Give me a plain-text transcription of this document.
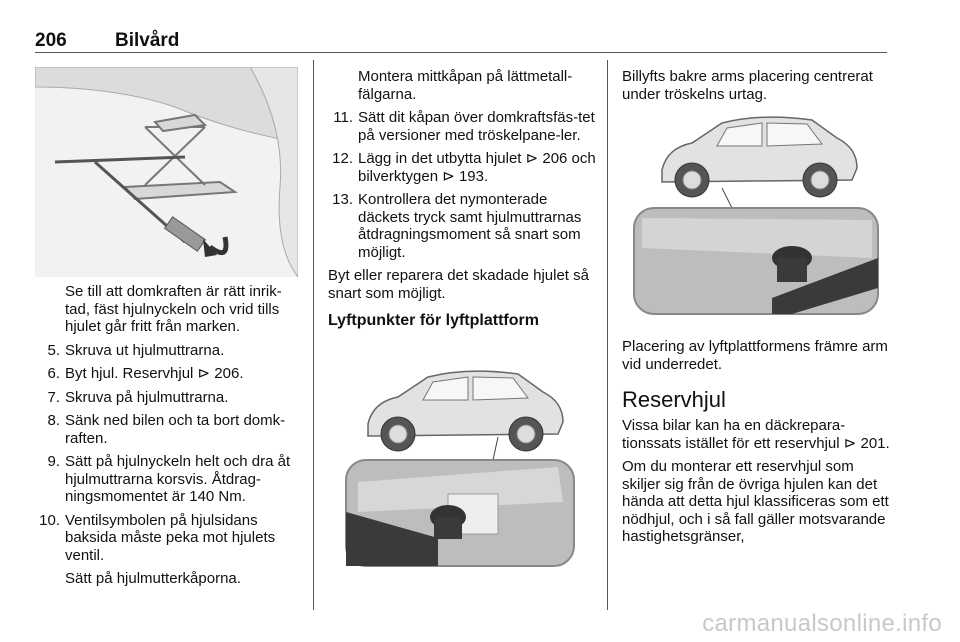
206	Bilvård

Se till att domkraften är rätt inrik-tad, fäst hjulnyckeln och vrid tills hjulet går fritt från marken.

5. Skruva ut hjulmuttrarna.
6. Byt hjul. Reservhjul ⊳ 206.
7. Skruva på hjulmuttrarna.
8. Sänk ned bilen och ta bort domk-raften.
9. Sätt på hjulnyckeln helt och dra åt hjulmuttrarna korsvis. Åtdrag-ningsmomentet är 140 Nm.
10. Ventilsymbolen på hjulsidans baksida måste peka mot hjulets ventil.

Sätt på hjulmutterkåporna.

Montera mittkåpan på lättmetall-fälgarna.

11. Sätt dit kåpan över domkraftsfäs-tet på versioner med tröskelpane-ler.
12. Lägg in det utbytta hjulet ⊳ 206 och bilverktygen ⊳ 193.
13. Kontrollera det nymonterade däckets tryck samt hjulmuttrarnas åtdragningsmoment så snart som möjligt.

Byt eller reparera det skadade hjulet så snart som möjligt.

Lyftpunkter för lyftplattform

Billyfts bakre arms placering centrerat under tröskelns urtag.

Placering av lyftplattformens främre arm vid underredet.

Reservhjul

Vissa bilar kan ha en däckrepara-tionssats istället för ett reservhjul ⊳ 201.

Om du monterar ett reservhjul som skiljer sig från de övriga hjulen kan det hända att detta hjul klassificeras som ett nödhjul, och i så fall gäller motsvarande hastighetsgränser,

carmanualsonline.info
